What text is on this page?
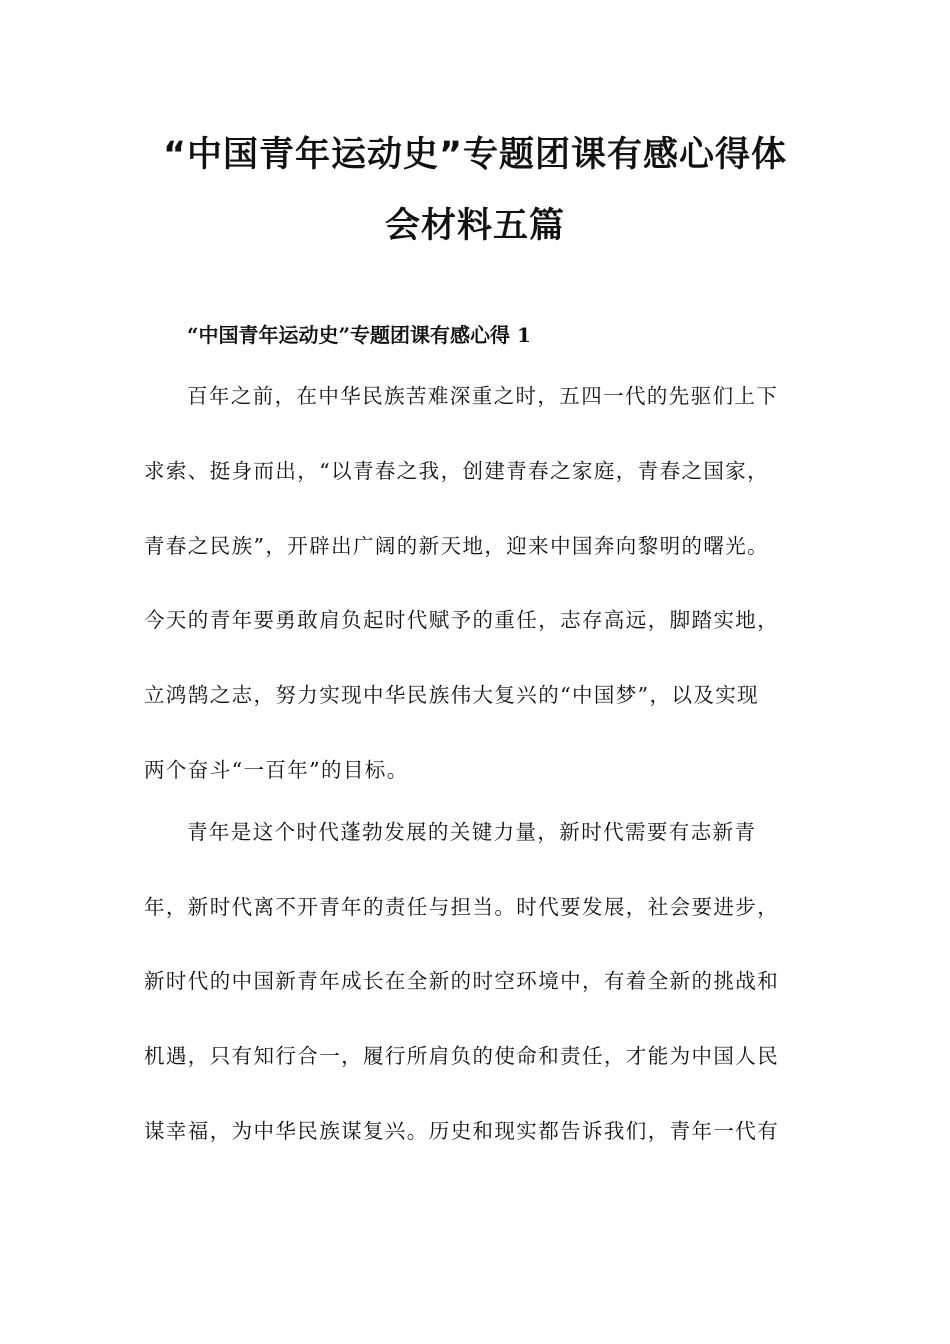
“中国青年运动史”专题团课有感心得体
会材料五篇
“中国青年运动史”专题团课有感心得 1
百年之前，在中华民族苦难深重之时，五四一代的先驱们上下
求索、挺身而出，“以青春之我，创建青春之家庭，青春之国家，
青春之民族”，开辟出广阔的新天地，迎来中国奔向黎明的曙光。
今天的青年要勇敢肩负起时代赋予的重任，志存高远，脚踏实地，
立鸿鹄之志，努力实现中华民族伟大复兴的“中国梦”，以及实现
两个奋斗“一百年”的目标。
青年是这个时代蓬勃发展的关键力量，新时代需要有志新青
年，新时代离不开青年的责任与担当。时代要发展，社会要进步，
新时代的中国新青年成长在全新的时空环境中，有着全新的挑战和
机遇，只有知行合一，履行所肩负的使命和责任，才能为中国人民
谋幸福，为中华民族谋复兴。历史和现实都告诉我们，青年一代有
